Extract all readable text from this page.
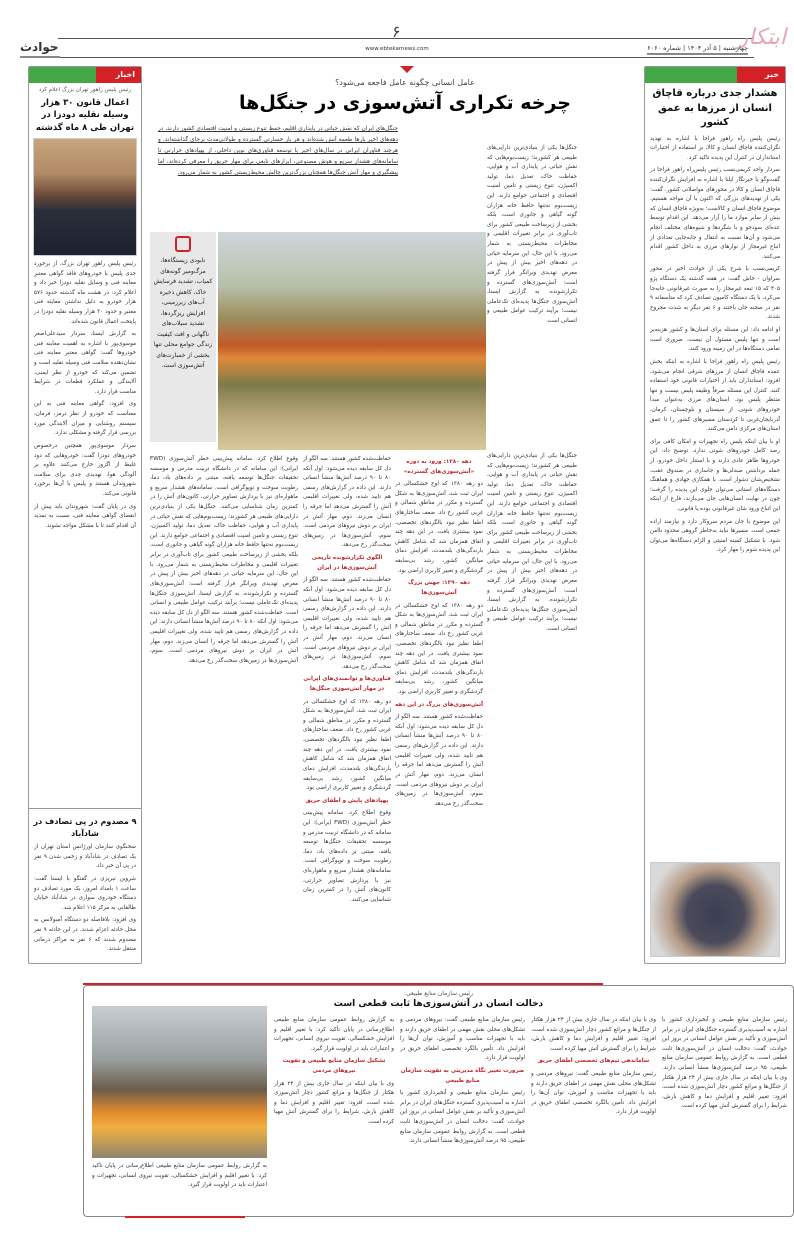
ابتکار
چهارشنبه | ۵ آذر ۱۴۰۴ | شماره ۶۰۶۰
۶
www.ebtekarnews.com
حوادث
خبر
هشدار جدی درباره قاچاق انسان از مرزها به عمق کشور

رئیس پلیس راه‌ راهور فراجا با اشاره به تهدید نگران‌کننده قاچاق انسان و کالا، بر استفاده از اختیارات استانداران در کنترل این پدیده تاکید کرد.

سردار واحد کریمی‌نسب رئیس پلیس‌راه راهور فراجا در گفت‌وگو با خبرنگار ایلنا با اشاره به افزایش نگران‌کننده قاچاق انسان و کالا در محورهای مواصلاتی کشور، گفت: یکی از تهدیدهای بزرگی که اکنون با آن مواجه هستیم، موضوع قاچاق انسان و کالاست؛ به‌ویژه قاچاق انسان که بیش از سایر موارد ما را آزار می‌دهد. این اقدام توسط عده‌ای سودجو و با شگردها و شیوه‌های مختلف انجام می‌شود و آن‌ها نسبت به انتقال و جابه‌جایی تعدادی از اتباع غیرمجاز از نوارهای مرزی به داخل کشور اقدام می‌کنند.

کریمی‌نسب با شرح یکی از حوادث اخیر در محور سراوان - خاش گفت: در هفته گذشته یک دستگاه پژو ۴۰۵ که ۱۵ تبعه غیرمجاز را به صورت غیرقانونی جابه‌جا می‌کرد، با یک دستگاه کامیون تصادف کرد که متأسفانه ۹ نفر در صحنه جان باختند و ۶ نفر دیگر به شدت مجروح شدند.

او ادامه داد: این مسئله برای استان‌ها و کشور هزینه‌بر است و تنها پلیس مسئول آن نیست. ضروری است تمامی دستگاه‌ها در این زمینه ورود کنند.

رئیس پلیس راه راهور فراجا با اشاره به اینکه بخش عمده قاچاق انسان از مرزهای شرقی انجام می‌شود، افزود: استانداران باید از اختیارات قانونی خود استفاده کنند. کنترل این مسئله صرفاً وظیفه پلیس نیست و تنها منتظر پلیس بود. استان‌های مرزی به‌عنوان مبدأ خودروهای شوتی، از سیستان و بلوچستان، کرمان، آذربایجان‌غربی تا کردستان مسیرهای کشور را تا عمق استان‌های مرکزی دامن می‌کنند.

او با بیان اینکه پلیس راه تجهیزات و امکان کافی برای رصد کامل خودروهای شوتی ندارد، توضیح داد: این خودروها ظاهر عادی دارند و با استتار داخل خودرو، از جمله برداشتن صندلی‌ها و جاسازی در صندوق عقب، تشخیص‌شان دشوار است. با همکاری جهادی و هماهنگ دستگاه‌های استانی می‌توان جلوی این پدیده را گرفت؛ چون در نهایت انسان‌هایی جان می‌بازند، فارغ از اینکه این اتباع ورود شان غیرقانونی بوده یا قانونی.

این موضوع با جان مردم سروکار دارد و نیازمند اراده جمعی است. مسیرها نباید به‌خاطر گروهی محدود ناامن شود. با تشکیل کمیته امنیتی و الزام دستگاه‌ها می‌توان این پدیده شوم را مهار کرد.

اخبار
رئیس پلیس راهور تهران بزرگ اعلام کرد
اعمال قانون ۳۰ هزار وسیله نقلیه دودزا در تهران طی ۸ ماه گذشته

رئیس پلیس راهور تهران بزرگ، از برخورد جدی پلیس با خودروهای فاقد گواهی معتبر معاینه فنی و وسایل نقلیه دودزا خبر داد و اعلام کرد: در هشت ماه گذشته حدود ۵۷۶ هزار خودرو به دلیل نداشتن معاینه فنی معتبر و حدود ۳۰ هزار وسیله نقلیه دودزا در پایتخت اعمال قانون شده‌اند.

به گزارش ایسنا، سردار سیدعلی‌اصغر موسوی‌پور با اشاره به اهمیت معاینه فنی خودروها گفت: گواهی معتبر معاینه فنی نشان‌دهنده سلامت فنی وسیله نقلیه است و تضمین می‌کند که خودرو از نظر ایمنی، آلایندگی و عملکرد قطعات در شرایط مناسب قرار دارد.

وی افزود: گواهی معاینه فنی به این معناست که خودرو از نظر ترمز، فرمان، سیستم روشنایی و میزان آلایندگی مورد بررسی قرار گرفته و مشکلی ندارد.

سردار موسوی‌پور همچنین درخصوص خودروهای دودزا گفت: خودروهایی که دود غلیظ از اگزوز خارج می‌کنند علاوه بر آلودگی هوا، تهدیدی جدی برای سلامت شهروندان هستند و پلیس با آن‌ها برخورد قانونی می‌کند.

وی در پایان گفت: شهروندان باید پیش از انقضای گواهی معاینه فنی، نسبت به تمدید آن اقدام کنند تا با مشکل مواجه نشوند.

۹ مصدوم در پی تصادف در شادآباد

سخنگوی سازمان اورژانس استان تهران از یک تصادف در شادآباد و زخمی شدن ۹ نفر در پی آن خبر داد.

شروین تبریزی در گفتگو با ایسنا گفت: ساعت ۱ بامداد امروز، یک مورد تصادف دو دستگاه خودروی سواری در شادآباد خیابان طالقانی به مرکز ۱۱۵ اعلام شد.

وی افزود: بلافاصله دو دستگاه آمبولانس به محل حادثه اعزام شدند. در این حادثه ۹ نفر مصدوم شدند که ۶ نفر به مراکز درمانی منتقل شدند.

عامل انسانی چگونه عامل فاجعه می‌شود؟
چرخه تکراری آتش‌سوزی در جنگل‌ها
جنگل‌های ایران که نقش حیاتی در پایداری اقلیم، حفظ تنوع زیستی و امنیت اقتصادی کشور دارند، در دهه‌های اخیر بارها طعمه آتش شده‌اند و هر بار خسارتی گسترده و طولانی‌مدت برجای گذاشته‌اند. و هرچند فناوران ایرانی در سال‌های اخیر با توسعه فناوری‌های نوین داخلی، از پهپادهای حرارتی تا سامانه‌های هشدار سریع و هوش مصنوعی، ابزارهای نابغی برای مهار حریق را معرفی کرده‌اند، اما پیشگیری و مهار آتش جنگل‌ها همچنان بزرگ‌ترین چالش محیط‌زیستی کشور به شمار می‌رود.
جنگل‌ها یکی از بنیادی‌ترین دارایی‌های طبیعی هر کشورند؛ زیست‌بوم‌هایی که نقش حیاتی در پایداری آب و هوایی، حفاظت خاک، تعدیل دما، تولید اکسیژن، تنوع زیستی و تامین امنیت اقتصادی و اجتماعی جوامع دارند. این زیست‌بوم نه‌تنها حافظ خانه هزاران گونه گیاهی و جانوری است، بلکه بخشی از زیرساخت طبیعی کشور برای تاب‌آوری در برابر تغییرات اقلیمی و مخاطرات محیط‌زیستی به شمار می‌رود. با این حال، این سرمایه حیاتی در دهه‌های اخیر بیش از پیش در معرض تهدیدی ویرانگر قرار گرفته است: آتش‌سوزی‌های گسترده و تکرارشونده. به گزارش ایسنا، آتش‌سوزی جنگل‌ها پدیده‌ای تک‌عاملی نیست؛ برآیند ترکیب عوامل طبیعی و انسانی است.
نابودی زیستگاه‌ها، مرگ‌ومیر گونه‌های کمیاب، تشدید فرسایش خاک، کاهش ذخیره آب‌های زیرزمینی، افزایش ریزگردها، تشدید سیلاب‌های ناگهانی و افت کیفیت زندگی جوامع محلی تنها بخشی از خسارت‌های آتش‌سوزی است.
جنگل‌ها یکی از بنیادی‌ترین دارایی‌های طبیعی هر کشورند؛ زیست‌بوم‌هایی که نقش حیاتی در پایداری آب و هوایی، حفاظت خاک، تعدیل دما، تولید اکسیژن، تنوع زیستی و تامین امنیت اقتصادی و اجتماعی جوامع دارند. این زیست‌بوم نه‌تنها حافظ خانه هزاران گونه گیاهی و جانوری است، بلکه بخشی از زیرساخت طبیعی کشور برای تاب‌آوری در برابر تغییرات اقلیمی و مخاطرات محیط‌زیستی به شمار می‌رود. با این حال، این سرمایه حیاتی در دهه‌های اخیر بیش از پیش در معرض تهدیدی ویرانگر قرار گرفته است: آتش‌سوزی‌های گسترده و تکرارشونده. به گزارش ایسنا، آتش‌سوزی جنگل‌ها پدیده‌ای تک‌عاملی نیست؛ برآیند ترکیب عوامل طبیعی و انسانی است.
دهه ۱۳۸۰: ورود به دوره «آتش‌سوزی‌های گسترده»
دو رهه ۱۳۸۰ که اوج خشکسالی در ایران ثبت شد، آتش‌سوزی‌ها به شکل گسترده و مکرر در مناطق شمالی و غربی کشور رخ داد. ضعف ساختارهای اطفا نظیر نبود بالگردهای تخصصی، نمود بیشتری یافت. در این دهه چند اتفاق همزمان شد که شامل کاهش بارندگی‌های بلندمدت، افزایش دمای میانگین کشور، رشد بی‌سابقه گردشگری و تغییر کاربری اراضی بود.
دهه ۱۳۹۰: جهش بزرگ آتش‌سوزی‌ها
دو رهه ۱۳۸۰ که اوج خشکسالی در ایران ثبت شد، آتش‌سوزی‌ها به شکل گسترده و مکرر در مناطق شمالی و غربی کشور رخ داد. ضعف ساختارهای اطفا نظیر نبود بالگردهای تخصصی، نمود بیشتری یافت. در این دهه چند اتفاق همزمان شد که شامل کاهش بارندگی‌های بلندمدت، افزایش دمای میانگین کشور، رشد بی‌سابقه گردشگری و تغییر کاربری اراضی بود.
آتش‌سوزی‌های بزرگ در این دهه
حفاظت‌شده کشور هستند. سه الگو از دل کل سابقه دیده می‌شود: اول آنکه ۸۰ تا ۹۰ درصد آتش‌ها منشأ انسانی دارند. این داده در گزارش‌های رسمی هم تایید شده، ولی تغییرات اقلیمی آتش را گسترش می‌دهد اما جرقه را انسان می‌زند. دوم، مهار آتش در ایران بر دوش نیروهای مردمی است. سوم، آتش‌سوزی‌ها در زمین‌های سخت‌گذر رخ می‌دهد.
حفاظت‌شده کشور هستند. سه الگو از دل کل سابقه دیده می‌شود: اول آنکه ۸۰ تا ۹۰ درصد آتش‌ها منشأ انسانی دارند. این داده در گزارش‌های رسمی هم تایید شده، ولی تغییرات اقلیمی آتش را گسترش می‌دهد اما جرقه را انسان می‌زند. دوم، مهار آتش در ایران بر دوش نیروهای مردمی است. سوم، آتش‌سوزی‌ها در زمین‌های سخت‌گذر رخ می‌دهد.
الگوی تکرارشونده تاریخی آتش‌سوزی‌ها در ایران
حفاظت‌شده کشور هستند. سه الگو از دل کل سابقه دیده می‌شود: اول آنکه ۸۰ تا ۹۰ درصد آتش‌ها منشأ انسانی دارند. این داده در گزارش‌های رسمی هم تایید شده، ولی تغییرات اقلیمی آتش را گسترش می‌دهد اما جرقه را انسان می‌زند. دوم، مهار آتش در ایران بر دوش نیروهای مردمی است. سوم، آتش‌سوزی‌ها در زمین‌های سخت‌گذر رخ می‌دهد.
فناوری‌ها و توانمندی‌های ایرانی در مهار آتش‌سوزی جنگل‌ها
دو رهه ۱۳۸۰ که اوج خشکسالی در ایران ثبت شد، آتش‌سوزی‌ها به شکل گسترده و مکرر در مناطق شمالی و غربی کشور رخ داد. ضعف ساختارهای اطفا نظیر نبود بالگردهای تخصصی، نمود بیشتری یافت. در این دهه چند اتفاق همزمان شد که شامل کاهش بارندگی‌های بلندمدت، افزایش دمای میانگین کشور، رشد بی‌سابقه گردشگری و تغییر کاربری اراضی بود.
پهپادهای پایش و اطفای حریق
وقوع اطلاع کرد. سامانه پیش‌بینی خطر آتش‌سوزی (FWD ایرانی): این سامانه که در دانشگاه تربیت مدرس و موسسه تحقیقات جنگل‌ها توسعه یافته، مبتنی بر داده‌های باد، دما، رطوبت سوخت و توپوگرافی است. سامانه‌های هشدار سریع و ماهواره‌ای نیز با پردازش تصاویر حرارتی، کانون‌های آتش را در کمترین زمان شناسایی می‌کنند.
وقوع اطلاع کرد. سامانه پیش‌بینی خطر آتش‌سوزی (FWD ایرانی): این سامانه که در دانشگاه تربیت مدرس و موسسه تحقیقات جنگل‌ها توسعه یافته، مبتنی بر داده‌های باد، دما، رطوبت سوخت و توپوگرافی است. سامانه‌های هشدار سریع و ماهواره‌ای نیز با پردازش تصاویر حرارتی، کانون‌های آتش را در کمترین زمان شناسایی می‌کنند. جنگل‌ها یکی از بنیادی‌ترین دارایی‌های طبیعی هر کشورند؛ زیست‌بوم‌هایی که نقش حیاتی در پایداری آب و هوایی، حفاظت خاک، تعدیل دما، تولید اکسیژن، تنوع زیستی و تامین امنیت اقتصادی و اجتماعی جوامع دارند. این زیست‌بوم نه‌تنها حافظ خانه هزاران گونه گیاهی و جانوری است، بلکه بخشی از زیرساخت طبیعی کشور برای تاب‌آوری در برابر تغییرات اقلیمی و مخاطرات محیط‌زیستی به شمار می‌رود. با این حال، این سرمایه حیاتی در دهه‌های اخیر بیش از پیش در معرض تهدیدی ویرانگر قرار گرفته است: آتش‌سوزی‌های گسترده و تکرارشونده. به گزارش ایسنا، آتش‌سوزی جنگل‌ها پدیده‌ای تک‌عاملی نیست؛ برآیند ترکیب عوامل طبیعی و انسانی است. حفاظت‌شده کشور هستند. سه الگو از دل کل سابقه دیده می‌شود: اول آنکه ۸۰ تا ۹۰ درصد آتش‌ها منشأ انسانی دارند. این داده در گزارش‌های رسمی هم تایید شده، ولی تغییرات اقلیمی آتش را گسترش می‌دهد اما جرقه را انسان می‌زند. دوم، مهار آتش در ایران بر دوش نیروهای مردمی است. سوم، آتش‌سوزی‌ها در زمین‌های سخت‌گذر رخ می‌دهد.
رئیس سازمان منابع طبیعی:
دخالت انسان در آتش‌سوزی‌ها ثابت قطعی است
به گزارش روابط عمومی سازمان منابع طبیعی اطلاع‌رسانی در پایان تأکید کرد: با تغییر اقلیم و افزایش خشکسالی، تقویت نیروی انسانی، تجهیزات و اعتبارات باید در اولویت قرار گیرد.
رئیس سازمان منابع طبیعی و آبخیزداری کشور با اشاره به آسیب‌پذیری گسترده جنگل‌های ایران در برابر آتش‌سوزی و تأکید بر نقش عوامل انسانی در بروز این حوادث، گفت: دخالت انسان در آتش‌سوزی‌ها ثابت قطعی است. به گزارش روابط عمومی سازمان منابع طبیعی، ۹۵ درصد آتش‌سوزی‌ها منشأ انسانی دارند. وی با بیان اینکه در سال جاری بیش از ۲۴ هزار هکتار از جنگل‌ها و مراتع کشور دچار آتش‌سوزی شده است، افزود: تغییر اقلیم و افزایش دما و کاهش بارش، شرایط را برای گسترش آتش مهیا کرده است.
وی با بیان اینکه در سال جاری بیش از ۲۴ هزار هکتار از جنگل‌ها و مراتع کشور دچار آتش‌سوزی شده است، افزود: تغییر اقلیم و افزایش دما و کاهش بارش، شرایط را برای گسترش آتش مهیا کرده است.
ساماندهی تیم‌های تخصصی اطفای حریق
رئیس سازمان منابع طبیعی گفت: نیروهای مردمی و تشکل‌های محلی نقش مهمی در اطفای حریق دارند و باید با تجهیزات مناسب و آموزش، توان آن‌ها را افزایش داد. تأمین بالگرد تخصصی اطفای حریق در اولویت قرار دارد.
رئیس سازمان منابع طبیعی گفت: نیروهای مردمی و تشکل‌های محلی نقش مهمی در اطفای حریق دارند و باید با تجهیزات مناسب و آموزش، توان آن‌ها را افزایش داد. تأمین بالگرد تخصصی اطفای حریق در اولویت قرار دارد.
ضرورت تغییر نگاه مدیریتی به تقویت سازمان منابع طبیعی
رئیس سازمان منابع طبیعی و آبخیزداری کشور با اشاره به آسیب‌پذیری گسترده جنگل‌های ایران در برابر آتش‌سوزی و تأکید بر نقش عوامل انسانی در بروز این حوادث، گفت: دخالت انسان در آتش‌سوزی‌ها ثابت قطعی است. به گزارش روابط عمومی سازمان منابع طبیعی، ۹۵ درصد آتش‌سوزی‌ها منشأ انسانی دارند.
به گزارش روابط عمومی سازمان منابع طبیعی اطلاع‌رسانی در پایان تأکید کرد: با تغییر اقلیم و افزایش خشکسالی، تقویت نیروی انسانی، تجهیزات و اعتبارات باید در اولویت قرار گیرد.
تشکیل سازمان منابع طبیعی و تقویت نیروهای مردمی
وی با بیان اینکه در سال جاری بیش از ۲۴ هزار هکتار از جنگل‌ها و مراتع کشور دچار آتش‌سوزی شده است، افزود: تغییر اقلیم و افزایش دما و کاهش بارش، شرایط را برای گسترش آتش مهیا کرده است.
